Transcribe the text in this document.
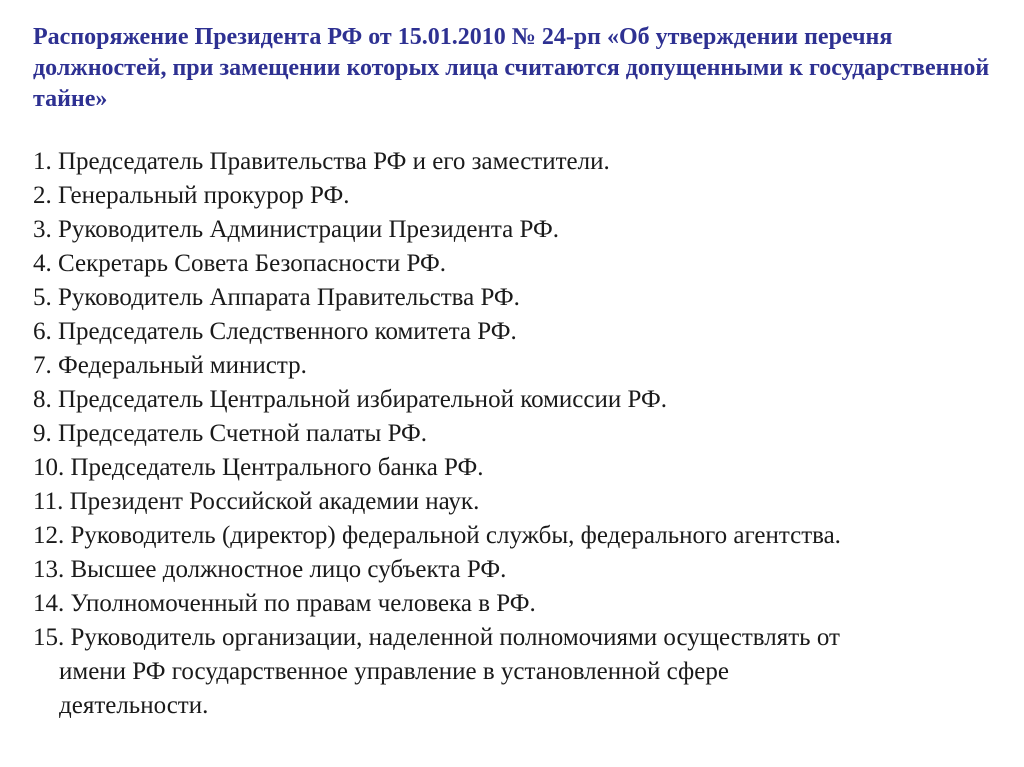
Распоряжение Президента РФ от 15.01.2010 № 24-рп «Об утверждении перечня должностей, при замещении которых лица считаются допущенными к государственной тайне»
1. Председатель Правительства РФ и его заместители.
2. Генеральный прокурор РФ.
3. Руководитель Администрации Президента РФ.
4. Секретарь Совета Безопасности РФ.
5. Руководитель Аппарата Правительства РФ.
6. Председатель Следственного комитета РФ.
7. Федеральный министр.
8. Председатель Центральной избирательной комиссии РФ.
9. Председатель Счетной палаты РФ.
10. Председатель Центрального банка РФ.
11. Президент Российской академии наук.
12. Руководитель (директор) федеральной службы, федерального агентства.
13. Высшее должностное лицо субъекта РФ.
14. Уполномоченный по правам человека в РФ.
15. Руководитель организации, наделенной полномочиями осуществлять от
имени РФ государственное управление в установленной сфере
деятельности.
